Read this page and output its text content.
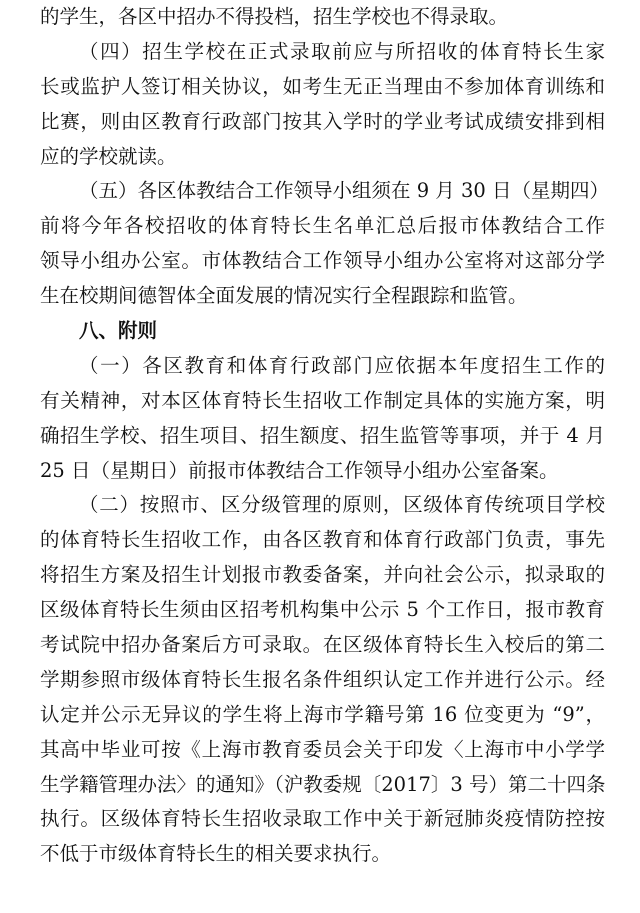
的学生，各区中招办不得投档，招生学校也不得录取。
（四）招生学校在正式录取前应与所招收的体育特长生家
长或监护人签订相关协议，如考生无正当理由不参加体育训练和
比赛，则由区教育行政部门按其入学时的学业考试成绩安排到相
应的学校就读。
（五）各区体教结合工作领导小组须在 9 月 30 日（星期四）
前将今年各校招收的体育特长生名单汇总后报市体教结合工作
领导小组办公室。市体教结合工作领导小组办公室将对这部分学
生在校期间德智体全面发展的情况实行全程跟踪和监管。
八、附则
（一）各区教育和体育行政部门应依据本年度招生工作的
有关精神，对本区体育特长生招收工作制定具体的实施方案，明
确招生学校、招生项目、招生额度、招生监管等事项，并于 4 月
25 日（星期日）前报市体教结合工作领导小组办公室备案。
（二）按照市、区分级管理的原则，区级体育传统项目学校
的体育特长生招收工作，由各区教育和体育行政部门负责，事先
将招生方案及招生计划报市教委备案，并向社会公示，拟录取的
区级体育特长生须由区招考机构集中公示 5 个工作日，报市教育
考试院中招办备案后方可录取。在区级体育特长生入校后的第二
学期参照市级体育特长生报名条件组织认定工作并进行公示。经
认定并公示无异议的学生将上海市学籍号第 16 位变更为 “9”，
其高中毕业可按《上海市教育委员会关于印发〈上海市中小学学
生学籍管理办法〉的通知》（沪教委规〔2017〕3 号）第二十四条
执行。区级体育特长生招收录取工作中关于新冠肺炎疫情防控按
不低于市级体育特长生的相关要求执行。
